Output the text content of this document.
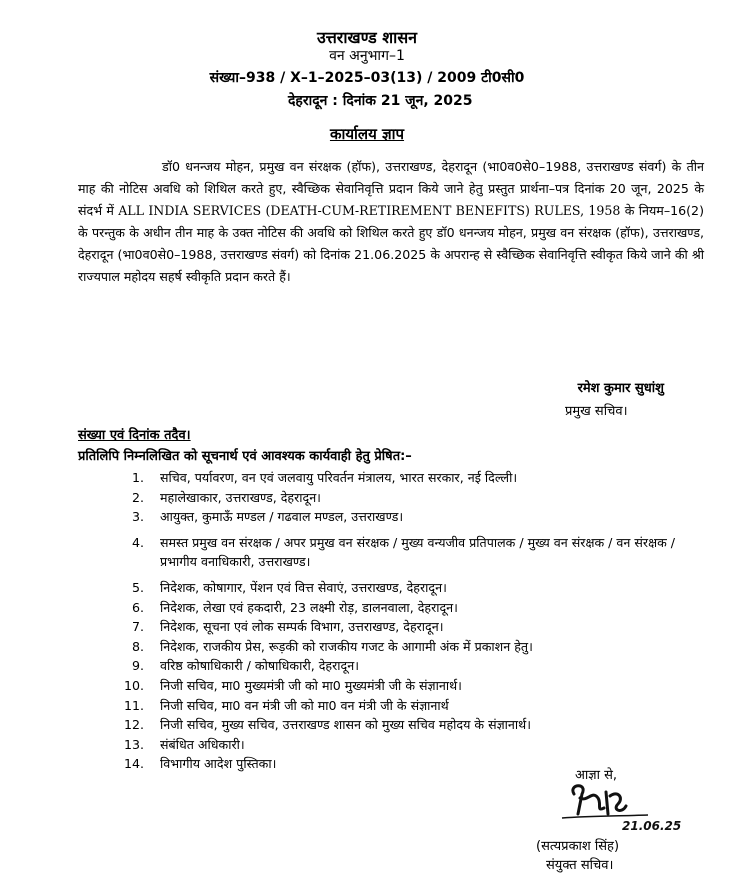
उत्तराखण्ड शासन
वन अनुभाग–1
संख्या–938 / X–1–2025–03(13) / 2009 टी0सी0
देहरादून : दिनांक 21 जून, 2025
कार्यालय ज्ञाप
डॉ0 धनन्जय मोहन, प्रमुख वन संरक्षक (हॉफ), उत्तराखण्ड, देहरादून (भा0व0से0–1988, उत्तराखण्ड संवर्ग) के तीन माह की नोटिस अवधि को शिथिल करते हुए, स्वैच्छिक सेवानिवृत्ति प्रदान किये जाने हेतु प्रस्तुत प्रार्थना–पत्र दिनांक 20 जून, 2025 के संदर्भ में ALL INDIA SERVICES (DEATH-CUM-RETIREMENT BENEFITS) RULES, 1958 के नियम–16(2) के परन्तुक के अधीन तीन माह के उक्त नोटिस की अवधि को शिथिल करते हुए डॉ0 धनन्जय मोहन, प्रमुख वन संरक्षक (हॉफ), उत्तराखण्ड, देहरादून (भा0व0से0–1988, उत्तराखण्ड संवर्ग) को दिनांक 21.06.2025 के अपरान्ह से स्वैच्छिक सेवानिवृत्ति स्वीकृत किये जाने की श्री राज्यपाल महोदय सहर्ष स्वीकृति प्रदान करते हैं।
रमेश कुमार सुधांशु
प्रमुख सचिव।
संख्या एवं दिनांक तदैव।
प्रतिलिपि निम्नलिखित को सूचनार्थ एवं आवश्यक कार्यवाही हेतु प्रेषित:–
1. सचिव, पर्यावरण, वन एवं जलवायु परिवर्तन मंत्रालय, भारत सरकार, नई दिल्ली।
2. महालेखाकार, उत्तराखण्ड, देहरादून।
3. आयुक्त, कुमाऊँ मण्डल / गढवाल मण्डल, उत्तराखण्ड।
4. समस्त प्रमुख वन संरक्षक / अपर प्रमुख वन संरक्षक / मुख्य वन्यजीव प्रतिपालक / मुख्य वन संरक्षक / वन संरक्षक / प्रभागीय वनाधिकारी, उत्तराखण्ड।
5. निदेशक, कोषागार, पेंशन एवं वित्त सेवाएं, उत्तराखण्ड, देहरादून।
6. निदेशक, लेखा एवं हकदारी, 23 लक्ष्मी रोड़, डालनवाला, देहरादून।
7. निदेशक, सूचना एवं लोक सम्पर्क विभाग, उत्तराखण्ड, देहरादून।
8. निदेशक, राजकीय प्रेस, रूड़की को राजकीय गजट के आगामी अंक में प्रकाशन हेतु।
9. वरिष्ठ कोषाधिकारी / कोषाधिकारी, देहरादून।
10. निजी सचिव, मा0 मुख्यमंत्री जी को मा0 मुख्यमंत्री जी के संज्ञानार्थ।
11. निजी सचिव, मा0 वन मंत्री जी को मा0 वन मंत्री जी के संज्ञानार्थ
12. निजी सचिव, मुख्य सचिव, उत्तराखण्ड शासन को मुख्य सचिव महोदय के संज्ञानार्थ।
13. संबंधित अधिकारी।
14. विभागीय आदेश पुस्तिका।
आज्ञा से,
21.06.25
(सत्यप्रकाश सिंह)
संयुक्त सचिव।
